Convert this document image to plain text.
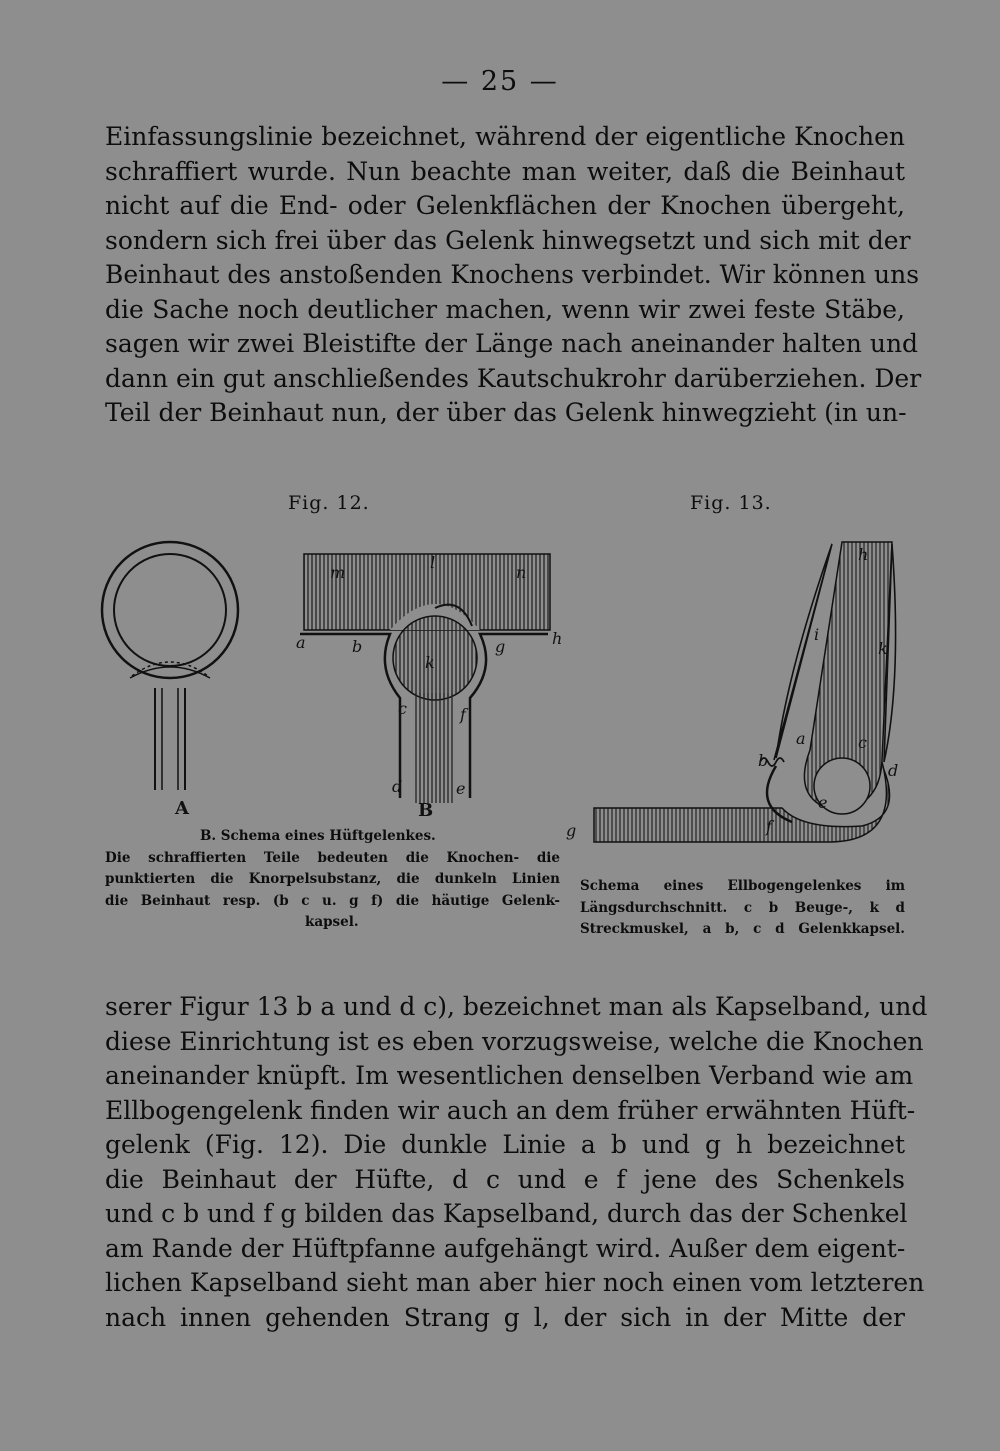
— 25 —
Einfassungslinie bezeichnet, während der eigentliche Knochen
schraffiert wurde. Nun beachte man weiter, daß die Beinhaut
nicht auf die End- oder Gelenkflächen der Knochen übergeht,
sondern sich frei über das Gelenk hinwegsetzt und sich mit der
Beinhaut des anstoßenden Knochens verbindet. Wir können uns
die Sache noch deutlicher machen, wenn wir zwei feste Stäbe,
sagen wir zwei Bleistifte der Länge nach aneinander halten und
dann ein gut anschließendes Kautschukrohr darüberziehen. Der
Teil der Beinhaut nun, der über das Gelenk hinwegzieht (in un-
Fig. 12.	Fig. 13.
A
l
m	n
a	b	g	h
k
c	f
d	e
B
B. Schema eines Hüftgelenkes.
Die schraffierten Teile bedeuten die Knochen- die
punktierten die Knorpelsubstanz, die dunkeln Linien
die Beinhaut resp. (b c u. g f) die häutige Gelenk-
kapsel.
h
i
k
a
b
c
d
e
f
g
Schema eines Ellbogengelenkes im
Längsdurchschnitt. c b Beuge-, k d
Streckmuskel, a b, c d Gelenkkapsel.
serer Figur 13 b a und d c), bezeichnet man als Kapselband, und
diese Einrichtung ist es eben vorzugsweise, welche die Knochen
aneinander knüpft. Im wesentlichen denselben Verband wie am
Ellbogengelenk finden wir auch an dem früher erwähnten Hüft-
gelenk (Fig. 12). Die dunkle Linie a b und g h bezeichnet
die Beinhaut der Hüfte, d c und e f jene des Schenkels
und c b und f g bilden das Kapselband, durch das der Schenkel
am Rande der Hüftpfanne aufgehängt wird. Außer dem eigent-
lichen Kapselband sieht man aber hier noch einen vom letzteren
nach innen gehenden Strang g l, der sich in der Mitte der
